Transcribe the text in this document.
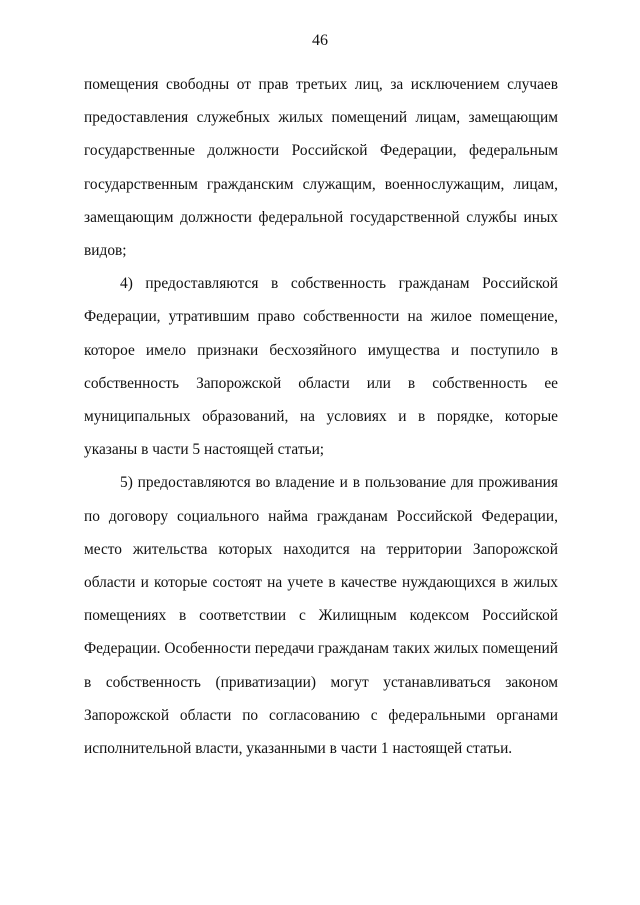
46

помещения свободны от прав третьих лиц, за исключением случаев предоставления служебных жилых помещений лицам, замещающим государственные должности Российской Федерации, федеральным государственным гражданским служащим, военнослужащим, лицам, замещающим должности федеральной государственной службы иных видов;

4) предоставляются в собственность гражданам Российской Федерации, утратившим право собственности на жилое помещение, которое имело признаки бесхозяйного имущества и поступило в собственность Запорожской области или в собственность ее муниципальных образований, на условиях и в порядке, которые указаны в части 5 настоящей статьи;

5) предоставляются во владение и в пользование для проживания по договору социального найма гражданам Российской Федерации, место жительства которых находится на территории Запорожской области и которые состоят на учете в качестве нуждающихся в жилых помещениях в соответствии с Жилищным кодексом Российской Федерации. Особенности передачи гражданам таких жилых помещений в собственность (приватизации) могут устанавливаться законом Запорожской области по согласованию с федеральными органами исполнительной власти, указанными в части 1 настоящей статьи.
